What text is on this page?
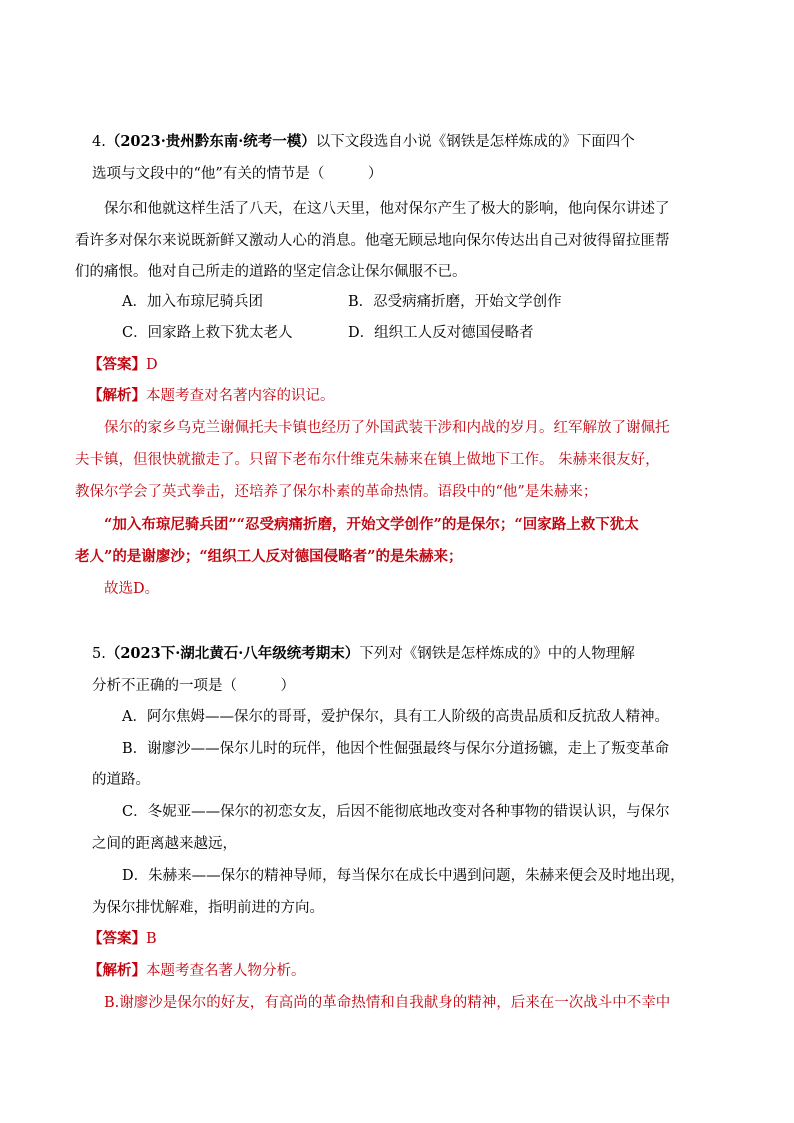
4.（2023·贵州黔东南·统考一模）以下文段选自小说《钢铁是怎样炼成的》下面四个
选项与文段中的“他”有关的情节是（　　　）
保尔和他就这样生活了八天，在这八天里，他对保尔产生了极大的影响，他向保尔讲述了
看许多对保尔来说既新鲜又激动人心的消息。他毫无顾忌地向保尔传达出自己对彼得留拉匪帮
们的痛恨。他对自己所走的道路的坚定信念让保尔佩服不已。
A．加入布琼尼骑兵团	B．忍受病痛折磨，开始文学创作
C．回家路上救下犹太老人	D．组织工人反对德国侵略者
【答案】D
【解析】本题考查对名著内容的识记。
保尔的家乡乌克兰谢佩托夫卡镇也经历了外国武装干涉和内战的岁月。红军解放了谢佩托
夫卡镇，但很快就撤走了。只留下老布尔什维克朱赫来在镇上做地下工作。 朱赫来很友好，
教保尔学会了英式拳击，还培养了保尔朴素的革命热情。语段中的“他”是朱赫来；
“加入布琼尼骑兵团”“忍受病痛折磨，开始文学创作”的是保尔；“回家路上救下犹太
老人”的是谢廖沙；“组织工人反对德国侵略者”的是朱赫来；
故选D。
5.（2023下·湖北黄石·八年级统考期末）下列对《钢铁是怎样炼成的》中的人物理解
分析不正确的一项是（　　　）
A．阿尔焦姆——保尔的哥哥，爱护保尔，具有工人阶级的高贵品质和反抗敌人精神。
B．谢廖沙——保尔儿时的玩伴，他因个性倔强最终与保尔分道扬镳，走上了叛变革命
的道路。
C．冬妮亚——保尔的初恋女友，后因不能彻底地改变对各种事物的错误认识，与保尔
之间的距离越来越远，
D．朱赫来——保尔的精神导师，每当保尔在成长中遇到问题，朱赫来便会及时地出现，
为保尔排忧解难，指明前进的方向。
【答案】B
【解析】本题考查名著人物分析。
B.谢廖沙是保尔的好友，有高尚的革命热情和自我献身的精神，后来在一次战斗中不幸中
